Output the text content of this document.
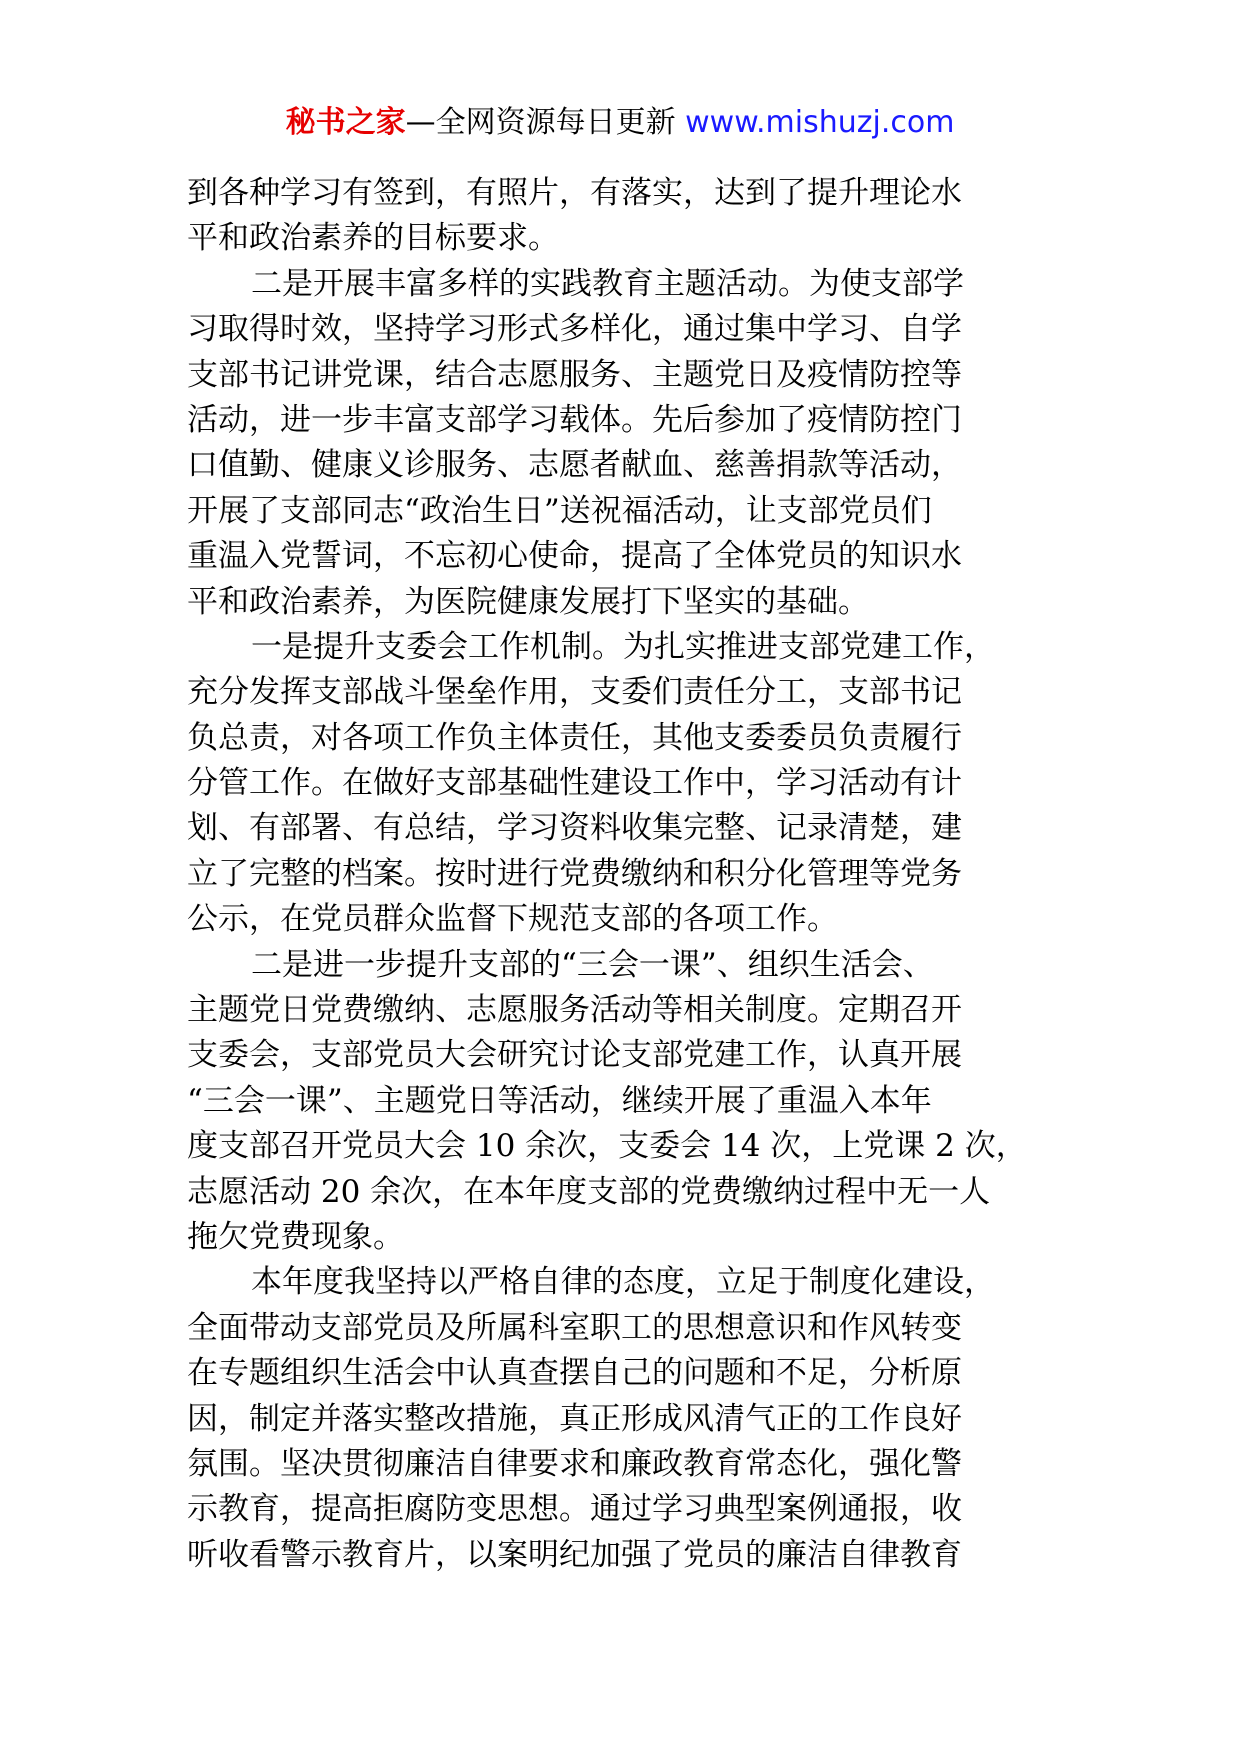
秘书之家—全网资源每日更新 www.mishuzj.com
到各种学习有签到，有照片，有落实，达到了提升理论水
平和政治素养的目标要求。
二是开展丰富多样的实践教育主题活动。为使支部学
习取得时效，坚持学习形式多样化，通过集中学习、自学
支部书记讲党课，结合志愿服务、主题党日及疫情防控等
活动，进一步丰富支部学习载体。先后参加了疫情防控门
口值勤、健康义诊服务、志愿者献血、慈善捐款等活动，
开展了支部同志“政治生日”送祝福活动，让支部党员们
重温入党誓词，不忘初心使命，提高了全体党员的知识水
平和政治素养，为医院健康发展打下坚实的基础。
一是提升支委会工作机制。为扎实推进支部党建工作，
充分发挥支部战斗堡垒作用，支委们责任分工，支部书记
负总责，对各项工作负主体责任，其他支委委员负责履行
分管工作。在做好支部基础性建设工作中，学习活动有计
划、有部署、有总结，学习资料收集完整、记录清楚，建
立了完整的档案。按时进行党费缴纳和积分化管理等党务
公示，在党员群众监督下规范支部的各项工作。
二是进一步提升支部的“三会一课”、组织生活会、
主题党日党费缴纳、志愿服务活动等相关制度。定期召开
支委会，支部党员大会研究讨论支部党建工作，认真开展
“三会一课”、主题党日等活动，继续开展了重温入本年
度支部召开党员大会 10 余次，支委会 14 次，上党课 2 次，
志愿活动 20 余次，在本年度支部的党费缴纳过程中无一人
拖欠党费现象。
本年度我坚持以严格自律的态度，立足于制度化建设，
全面带动支部党员及所属科室职工的思想意识和作风转变
在专题组织生活会中认真查摆自己的问题和不足，分析原
因，制定并落实整改措施，真正形成风清气正的工作良好
氛围。坚决贯彻廉洁自律要求和廉政教育常态化，强化警
示教育，提高拒腐防变思想。通过学习典型案例通报，收
听收看警示教育片，以案明纪加强了党员的廉洁自律教育
